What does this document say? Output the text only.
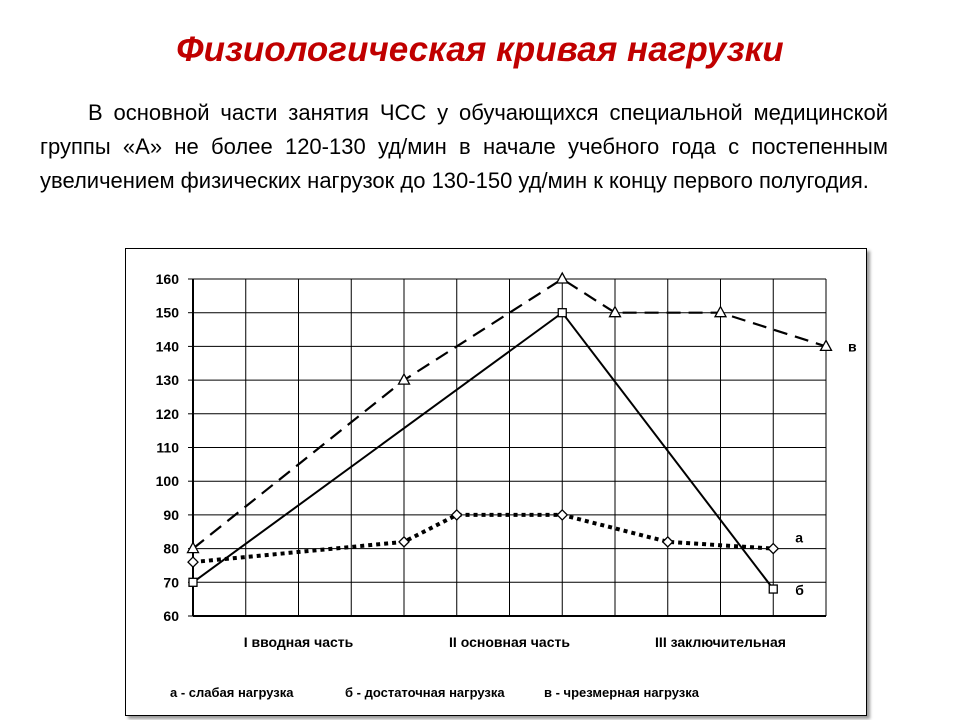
Физиологическая кривая нагрузки

В основной части занятия ЧСС у обучающихся специальной медицинской группы «А» не более 120-130 уд/мин в начале учебного года с постепенным увеличением физических нагрузок до 130-150 уд/мин к концу первого полугодия.

60
70
80
90
100
110
120
130
140
150
160
I вводная часть	II основная часть	III заключительная
б
в
а
а - слабая нагрузка	б - достаточная нагрузка	в - чрезмерная нагрузка
